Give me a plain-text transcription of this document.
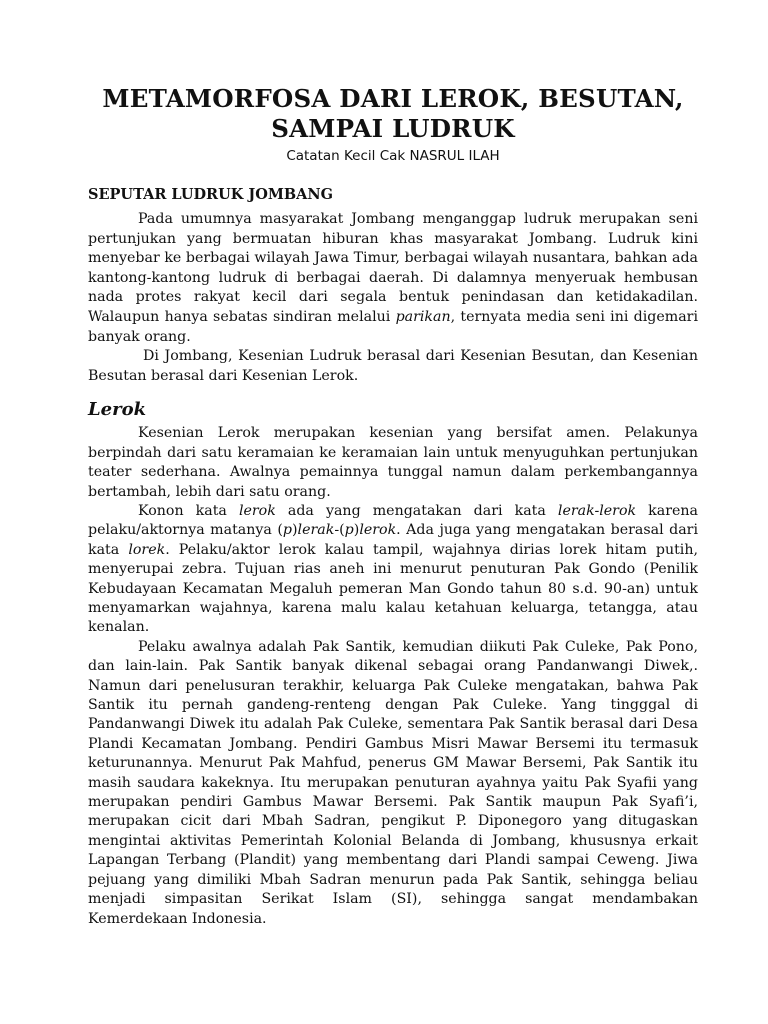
METAMORFOSA DARI LEROK, BESUTAN,
SAMPAI LUDRUK
Catatan Kecil Cak NASRUL ILAH
SEPUTAR LUDRUK JOMBANG

Pada umumnya masyarakat Jombang menganggap ludruk merupakan seni pertunjukan yang bermuatan hiburan khas masyarakat Jombang. Ludruk kini menyebar ke berbagai wilayah Jawa Timur, berbagai wilayah nusantara, bahkan ada kantong-kantong ludruk di berbagai daerah. Di dalamnya menyeruak hembusan nada protes rakyat kecil dari segala bentuk penindasan dan ketidakadilan. Walaupun hanya sebatas sindiran melalui parikan, ternyata media seni ini digemari banyak orang.

Di Jombang, Kesenian Ludruk berasal dari Kesenian Besutan, dan Kesenian Besutan berasal dari Kesenian Lerok.

Lerok

Kesenian Lerok merupakan kesenian yang bersifat amen. Pelakunya berpindah dari satu keramaian ke keramaian lain untuk menyuguhkan pertunjukan teater sederhana. Awalnya pemainnya tunggal namun dalam perkembangannya bertambah, lebih dari satu orang.

Konon kata lerok ada yang mengatakan dari kata lerak-lerok karena pelaku/aktornya matanya (p)lerak-(p)lerok. Ada juga yang mengatakan berasal dari kata lorek. Pelaku/aktor lerok kalau tampil, wajahnya dirias lorek hitam putih, menyerupai zebra. Tujuan rias aneh ini menurut penuturan Pak Gondo (Penilik Kebudayaan Kecamatan Megaluh pemeran Man Gondo tahun 80 s.d. 90-an) untuk menyamarkan wajahnya, karena malu kalau ketahuan keluarga, tetangga, atau kenalan.

Pelaku awalnya adalah Pak Santik, kemudian diikuti Pak Culeke, Pak Pono, dan lain-lain. Pak Santik banyak dikenal sebagai orang Pandanwangi Diwek,. Namun dari penelusuran terakhir, keluarga Pak Culeke mengatakan, bahwa Pak Santik itu pernah gandeng-renteng dengan Pak Culeke. Yang tingggal di Pandanwangi Diwek itu adalah Pak Culeke, sementara Pak Santik berasal dari Desa Plandi Kecamatan Jombang. Pendiri Gambus Misri Mawar Bersemi itu termasuk keturunannya. Menurut Pak Mahfud, penerus GM Mawar Bersemi, Pak Santik itu masih saudara kakeknya. Itu merupakan penuturan ayahnya yaitu Pak Syafii yang merupakan pendiri Gambus Mawar Bersemi. Pak Santik maupun Pak Syafi’i, merupakan cicit dari Mbah Sadran, pengikut P. Diponegoro yang ditugaskan mengintai aktivitas Pemerintah Kolonial Belanda di Jombang, khususnya erkait Lapangan Terbang (Plandit) yang membentang dari Plandi sampai Ceweng. Jiwa pejuang yang dimiliki Mbah Sadran menurun pada Pak Santik, sehingga beliau menjadi simpasitan Serikat Islam (SI), sehingga sangat mendambakan Kemerdekaan Indonesia.
